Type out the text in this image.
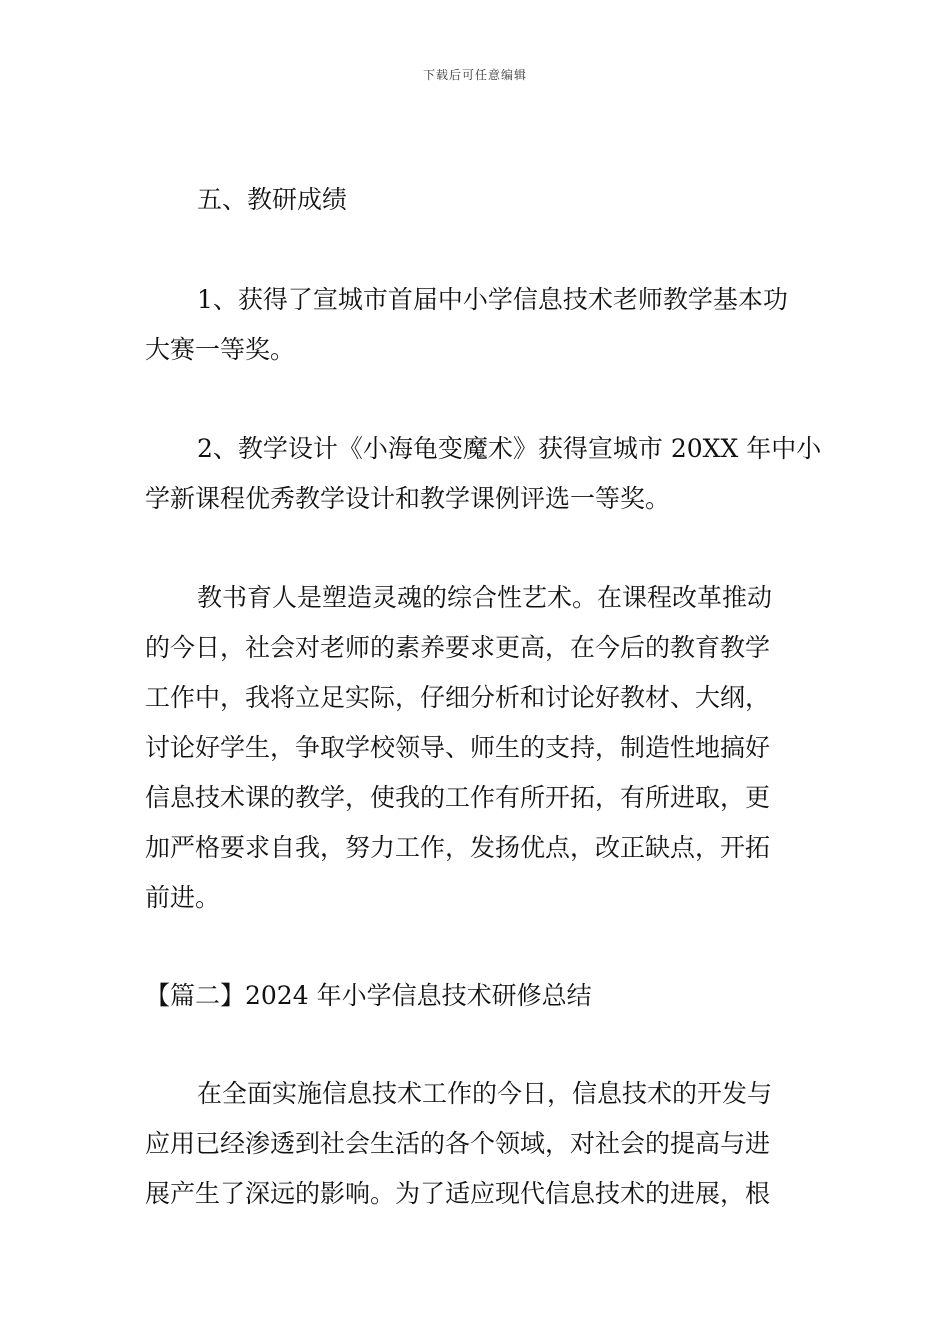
下载后可任意编辑

五、教研成绩

1、获得了宣城市首届中小学信息技术老师教学基本功
大赛一等奖。

2、教学设计《小海龟变魔术》获得宣城市 20XX 年中小
学新课程优秀教学设计和教学课例评选一等奖。

教书育人是塑造灵魂的综合性艺术。在课程改革推动
的今日，社会对老师的素养要求更高，在今后的教育教学
工作中，我将立足实际，仔细分析和讨论好教材、大纲，
讨论好学生，争取学校领导、师生的支持，制造性地搞好
信息技术课的教学，使我的工作有所开拓，有所进取，更
加严格要求自我，努力工作，发扬优点，改正缺点，开拓
前进。

【篇二】2024 年小学信息技术研修总结

在全面实施信息技术工作的今日，信息技术的开发与
应用已经渗透到社会生活的各个领域，对社会的提高与进
展产生了深远的影响。为了适应现代信息技术的进展，根
